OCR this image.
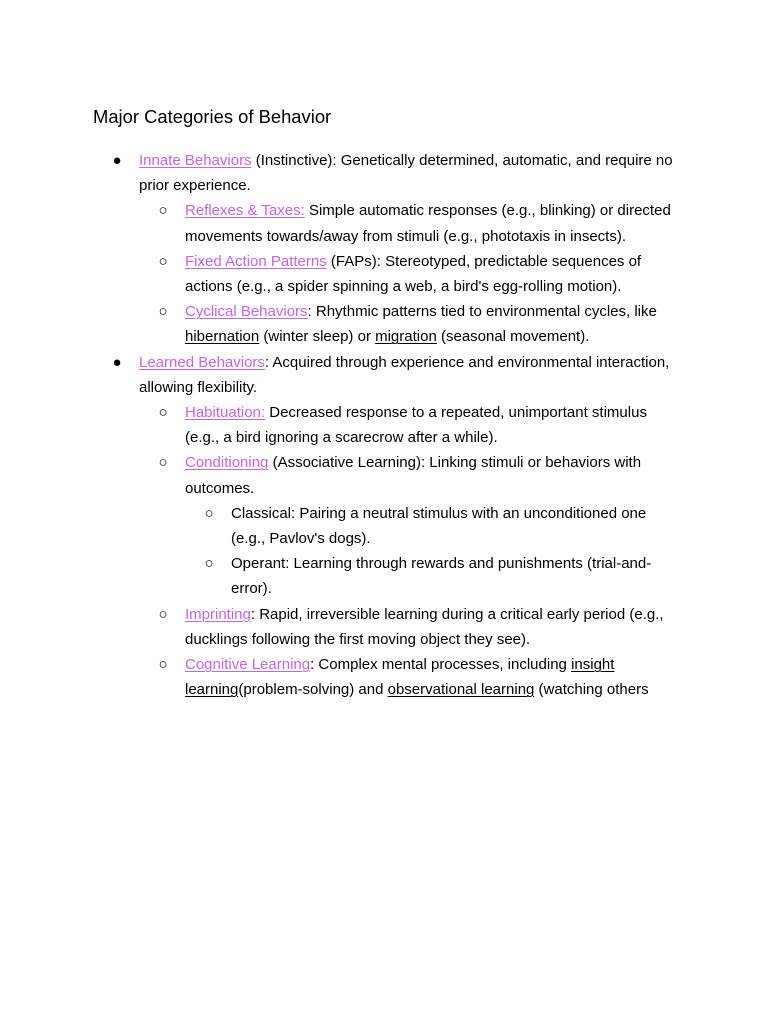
Major Categories of Behavior
● Innate Behaviors (Instinctive): Genetically determined, automatic, and require no prior experience.
○ Reflexes & Taxes: Simple automatic responses (e.g., blinking) or directed movements towards/away from stimuli (e.g., phototaxis in insects).
○ Fixed Action Patterns (FAPs): Stereotyped, predictable sequences of actions (e.g., a spider spinning a web, a bird's egg-rolling motion).
○ Cyclical Behaviors: Rhythmic patterns tied to environmental cycles, like hibernation (winter sleep) or migration (seasonal movement).
● Learned Behaviors: Acquired through experience and environmental interaction, allowing flexibility.
○ Habituation: Decreased response to a repeated, unimportant stimulus (e.g., a bird ignoring a scarecrow after a while).
○ Conditioning (Associative Learning): Linking stimuli or behaviors with outcomes.
○ Classical: Pairing a neutral stimulus with an unconditioned one (e.g., Pavlov's dogs).
○ Operant: Learning through rewards and punishments (trial-and-error).
○ Imprinting: Rapid, irreversible learning during a critical early period (e.g., ducklings following the first moving object they see).
○ Cognitive Learning: Complex mental processes, including insight learning(problem-solving) and observational learning (watching others
